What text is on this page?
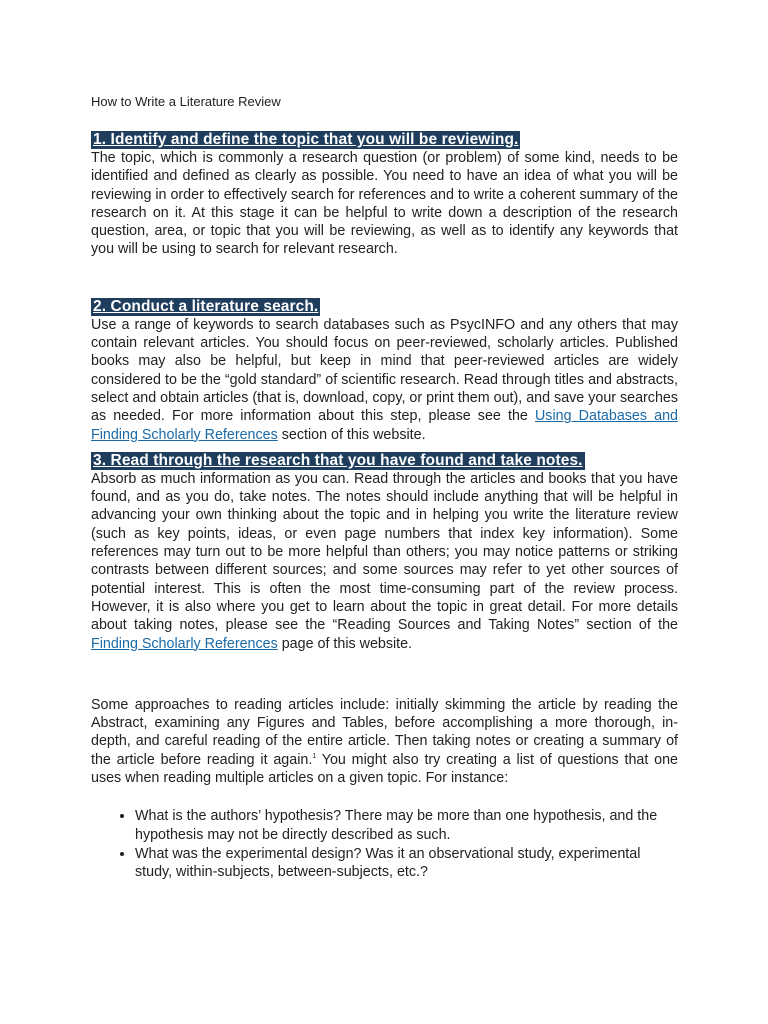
How to Write a Literature Review
1. Identify and define the topic that you will be reviewing.

The topic, which is commonly a research question (or problem) of some kind, needs to be identified and defined as clearly as possible. You need to have an idea of what you will be reviewing in order to effectively search for references and to write a coherent summary of the research on it. At this stage it can be helpful to write down a description of the research question, area, or topic that you will be reviewing, as well as to identify any keywords that you will be using to search for relevant research.

2. Conduct a literature search.

Use a range of keywords to search databases such as PsycINFO and any others that may contain relevant articles. You should focus on peer-reviewed, scholarly articles. Published books may also be helpful, but keep in mind that peer-reviewed articles are widely considered to be the “gold standard” of scientific research. Read through titles and abstracts, select and obtain articles (that is, download, copy, or print them out), and save your searches as needed. For more information about this step, please see the Using Databases and Finding Scholarly References section of this website.

3. Read through the research that you have found and take notes.

Absorb as much information as you can. Read through the articles and books that you have found, and as you do, take notes. The notes should include anything that will be helpful in advancing your own thinking about the topic and in helping you write the literature review (such as key points, ideas, or even page numbers that index key information). Some references may turn out to be more helpful than others; you may notice patterns or striking contrasts between different sources; and some sources may refer to yet other sources of potential interest. This is often the most time-consuming part of the review process. However, it is also where you get to learn about the topic in great detail. For more details about taking notes, please see the “Reading Sources and Taking Notes” section of the Finding Scholarly References page of this website.

Some approaches to reading articles include: initially skimming the article by reading the Abstract, examining any Figures and Tables, before accomplishing a more thorough, in-depth, and careful reading of the entire article. Then taking notes or creating a summary of the article before reading it again.$^1$ You might also try creating a list of questions that one uses when reading multiple articles on a given topic. For instance:

• What is the authors’ hypothesis? There may be more than one hypothesis, and the hypothesis may not be directly described as such.
• What was the experimental design? Was it an observational study, experimental study, within-subjects, between-subjects, etc.?
